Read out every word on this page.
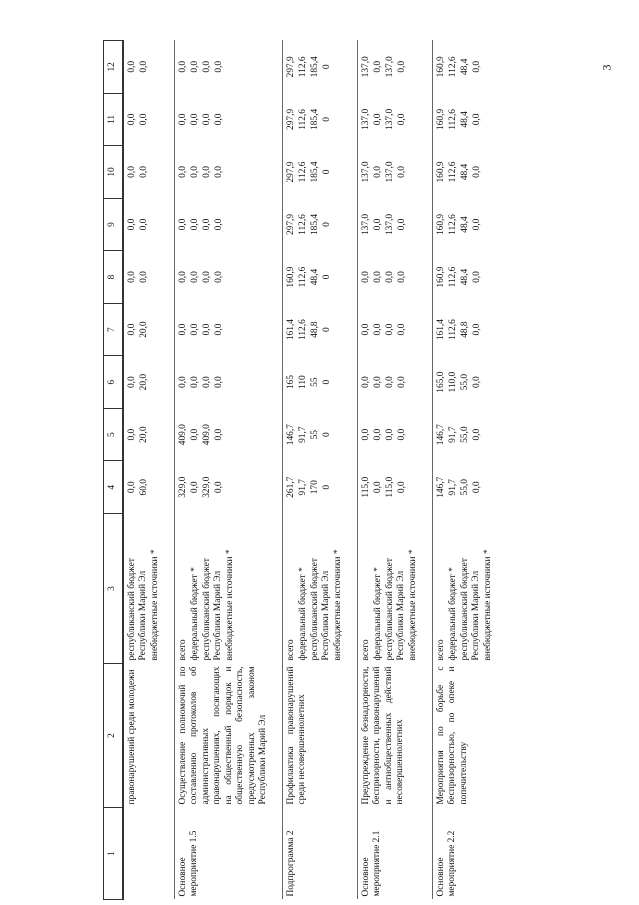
3
1	2	3	4	5	6	7	8	9	10	11	12
	правонарушений среди молодежи	республиканский бюджет Республики Марий Эл внебюджетные источники *	0,0 60,0	0,0 20,0	0,0 20,0	0,0 20,0	0,0 0,0	0,0 0,0	0,0 0,0	0,0 0,0	0,0 0,0

Основное мероприятие 1.5	Осуществление полномочий по составлению протоколов об административных правонарушениях, посягающих на общественный порядок и общественную безопасность, предусмотренных законом Республики Марий Эл	всего федеральный бюджет * республиканский бюджет Республики Марий Эл внебюджетные источники *	329,0 0,0 329,0 0,0	409,0 0,0 409,0 0,0	0,0 0,0 0,0 0,0	0,0 0,0 0,0 0,0	0,0 0,0 0,0 0,0	0,0 0,0 0,0 0,0	0,0 0,0 0,0 0,0	0,0 0,0 0,0 0,0	0,0 0,0 0,0 0,0

Подпрограмма 2	Профилактика правонарушений среди несовершеннолетних	всего федеральный бюджет * республиканский бюджет Республики Марий Эл внебюджетные источники *	261,7 91,7 170 0	146,7 91,7 55 0	165 110 55 0	161,4 112,6 48,8 0	160,9 112,6 48,4 0	297,9 112,6 185,4 0	297,9 112,6 185,4 0	297,9 112,6 185,4 0	297,9 112,6 185,4 0

Основное мероприятие 2.1	Предупреждение безнадзорности, беспризорности, правонарушений и антиобщественных действий несовершеннолетних	всего федеральный бюджет * республиканский бюджет Республики Марий Эл внебюджетные источники *	115,0 0,0 115,0 0,0	0,0 0,0 0,0 0,0	0,0 0,0 0,0 0,0	0,0 0,0 0,0 0,0	0,0 0,0 0,0 0,0	137,0 0,0 137,0 0,0	137,0 0,0 137,0 0,0	137,0 0,0 137,0 0,0	137,0 0,0 137,0 0,0

Основное мероприятие 2.2	Мероприятия по борьбе с беспризорностью, по опеке и попечительству	всего федеральный бюджет * республиканский бюджет Республики Марий Эл внебюджетные источники *	146,7 91,7 55,0 0,0	146,7 91,7 55,0 0,0	165,0 110,0 55,0 0,0	161,4 112,6 48,8 0,0	160,9 112,6 48,4 0,0	160,9 112,6 48,4 0,0	160,9 112,6 48,4 0,0	160,9 112,6 48,4 0,0	160,9 112,6 48,4 0,0
